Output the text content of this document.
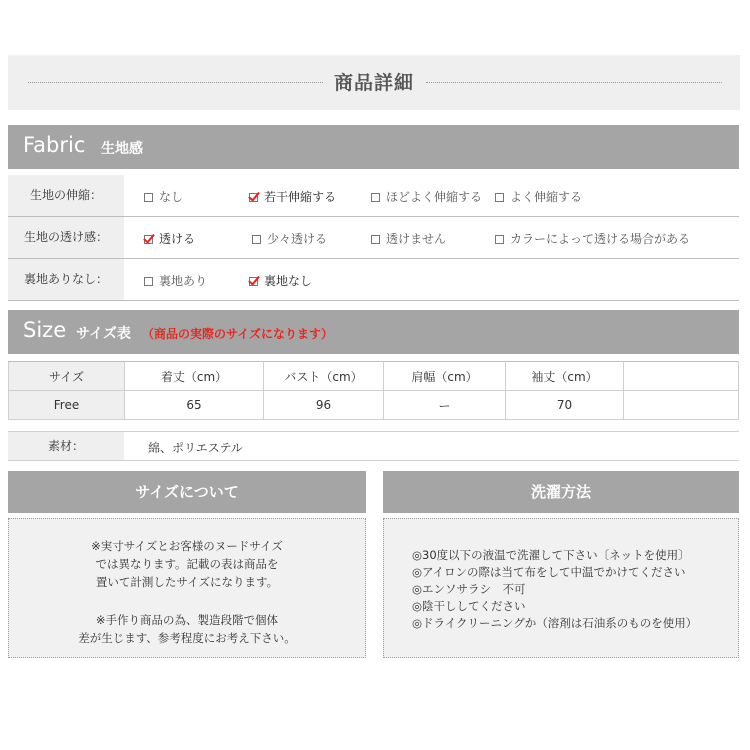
商品詳細
Fabric 生地感
生地の伸縮：	なし	若干伸縮する	ほどよく伸縮する	よく伸縮する
生地の透け感：	透ける	少々透ける	透けません	カラーによって透ける場合がある
裏地ありなし：	裏地あり	裏地なし
Size サイズ表 （商品の実際のサイズになります）
サイズ	着丈（cm）	バスト（cm）	肩幅（cm）	袖丈（cm）	
Free	65	96	ー	70	
素材：	綿、ポリエステル
サイズについて
※実寸サイズとお客様のヌードサイズ
では異なります。記載の表は商品を
置いて計測したサイズになります。
※手作り商品の為、製造段階で個体
差が生じます、参考程度にお考え下さい。
洗濯方法
◎30度以下の液温で洗濯して下さい〔ネットを使用〕
◎アイロンの際は当て布をして中温でかけてください
◎エンソサラシ　不可
◎陰干ししてください
◎ドライクリーニングか（溶剤は石油系のものを使用）
